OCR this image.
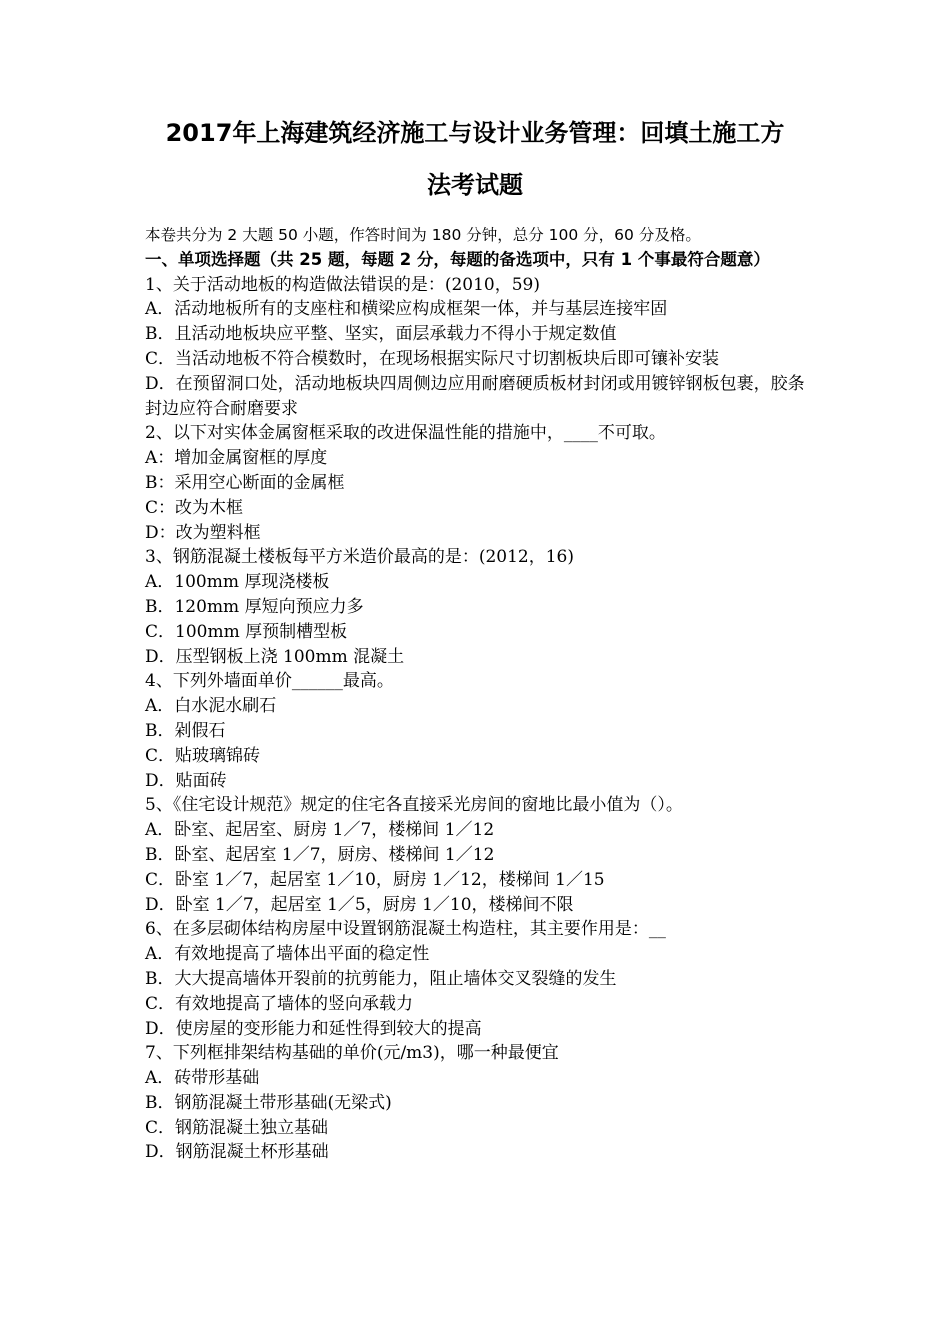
2017年上海建筑经济施工与设计业务管理：回填土施工方
法考试题
本卷共分为 2 大题 50 小题，作答时间为 180 分钟，总分 100 分，60 分及格。
一、单项选择题（共 25 题，每题 2 分，每题的备选项中，只有 1 个事最符合题意）
1、关于活动地板的构造做法错误的是：(2010，59)
A．活动地板所有的支座柱和横梁应构成框架一体，并与基层连接牢固
B．且活动地板块应平整、坚实，面层承载力不得小于规定数值
C．当活动地板不符合模数时，在现场根据实际尺寸切割板块后即可镶补安装
D．在预留洞口处，活动地板块四周侧边应用耐磨硬质板材封闭或用镀锌钢板包裹，胶条封边应符合耐磨要求
2、以下对实体金属窗框采取的改进保温性能的措施中，____不可取。
A：增加金属窗框的厚度
B：采用空心断面的金属框
C：改为木框
D：改为塑料框
3、钢筋混凝土楼板每平方米造价最高的是：(2012，16)
A．100mm 厚现浇楼板
B．120mm 厚短向预应力多
C．100mm 厚预制槽型板
D．压型钢板上浇 100mm 混凝土
4、下列外墙面单价______最高。
A．白水泥水刷石
B．剁假石
C．贴玻璃锦砖
D．贴面砖
5、《住宅设计规范》规定的住宅各直接采光房间的窗地比最小值为（）。
A．卧室、起居室、厨房 1／7，楼梯间 1／12
B．卧室、起居室 1／7，厨房、楼梯间 1／12
C．卧室 1／7，起居室 1／10，厨房 1／12，楼梯间 1／15
D．卧室 1／7，起居室 1／5，厨房 1／10，楼梯间不限
6、在多层砌体结构房屋中设置钢筋混凝土构造柱，其主要作用是：__
A．有效地提高了墙体出平面的稳定性
B．大大提高墙体开裂前的抗剪能力，阻止墙体交叉裂缝的发生
C．有效地提高了墙体的竖向承载力
D．使房屋的变形能力和延性得到较大的提高
7、下列框排架结构基础的单价(元/m3)，哪一种最便宜
A．砖带形基础
B．钢筋混凝土带形基础(无梁式)
C．钢筋混凝土独立基础
D．钢筋混凝土杯形基础
